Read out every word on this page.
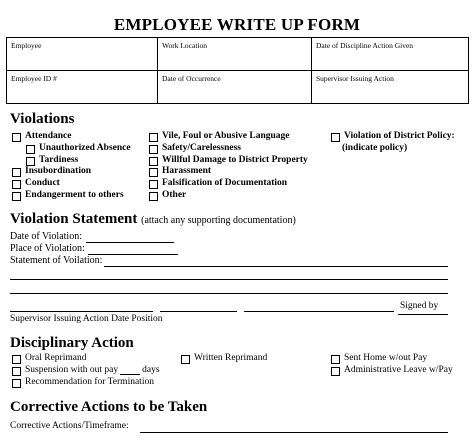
EMPLOYEE WRITE UP FORM
Employee	Work Location	Date of Discipline Action Given
Employee ID #	Date of Occurrence	Supervisor Issuing Action
Violations
Attendance
Unauthorized Absence
Tardiness
Insubordination
Conduct
Endangerment to others
Vile, Foul or Abusive Language
Safety/Carelessness
Willful Damage to District Property
Harassment
Falsification of Documentation
Other
Violation of District Policy:
(indicate policy)
Violation Statement (attach any supporting documentation)
Date of Violation:
Place of Violation:
Statement of Voilation:
Signed by
Supervisor Issuing Action Date Position
Disciplinary Action
Oral Reprimand	Written Reprimand	Sent Home w/out Pay
Suspension with out pay	days	Administrative Leave w/Pay
Recommendation for Termination
Corrective Actions to be Taken
Corrective Actions/Timeframe:
